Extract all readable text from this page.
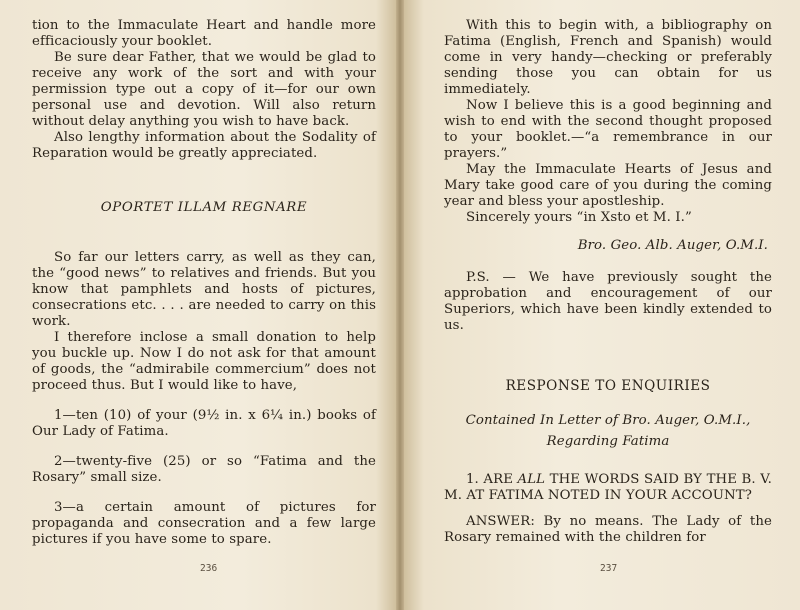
tion to the Immaculate Heart and handle more efficaciously your booklet.

Be sure dear Father, that we would be glad to receive any work of the sort and with your permission type out a copy of it—for our own personal use and devotion. Will also return without delay anything you wish to have back.

Also lengthy information about the Sodality of Reparation would be greatly appreciated.

OPORTET ILLAM REGNARE

So far our letters carry, as well as they can, the “good news” to relatives and friends. But you know that pamphlets and hosts of pictures, consecrations etc. . . . are needed to carry on this work.

I therefore inclose a small donation to help you buckle up. Now I do not ask for that amount of goods, the “admirabile commercium” does not proceed thus. But I would like to have,

1—ten (10) of your (9½ in. x 6¼ in.) books of Our Lady of Fatima.

2—twenty-five (25) or so “Fatima and the Rosary” small size.

3—a certain amount of pictures for propaganda and consecration and a few large pictures if you have some to spare.

236

With this to begin with, a bibliography on Fatima (English, French and Spanish) would come in very handy—checking or preferably sending those you can obtain for us immediately.

Now I believe this is a good beginning and wish to end with the second thought proposed to your booklet.—“a remembrance in our prayers.”

May the Immaculate Hearts of Jesus and Mary take good care of you during the coming year and bless your apostleship.

Sincerely yours “in Xsto et M. I.”

Bro. Geo. Alb. Auger, O.M.I.

P.S. — We have previously sought the approbation and encouragement of our Superiors, which have been kindly extended to us.

RESPONSE TO ENQUIRIES

Contained In Letter of Bro. Auger, O.M.I.,
Regarding Fatima

1. ARE ALL THE WORDS SAID BY THE B. V. M. AT FATIMA NOTED IN YOUR ACCOUNT?

ANSWER: By no means. The Lady of the Rosary remained with the children for

237
